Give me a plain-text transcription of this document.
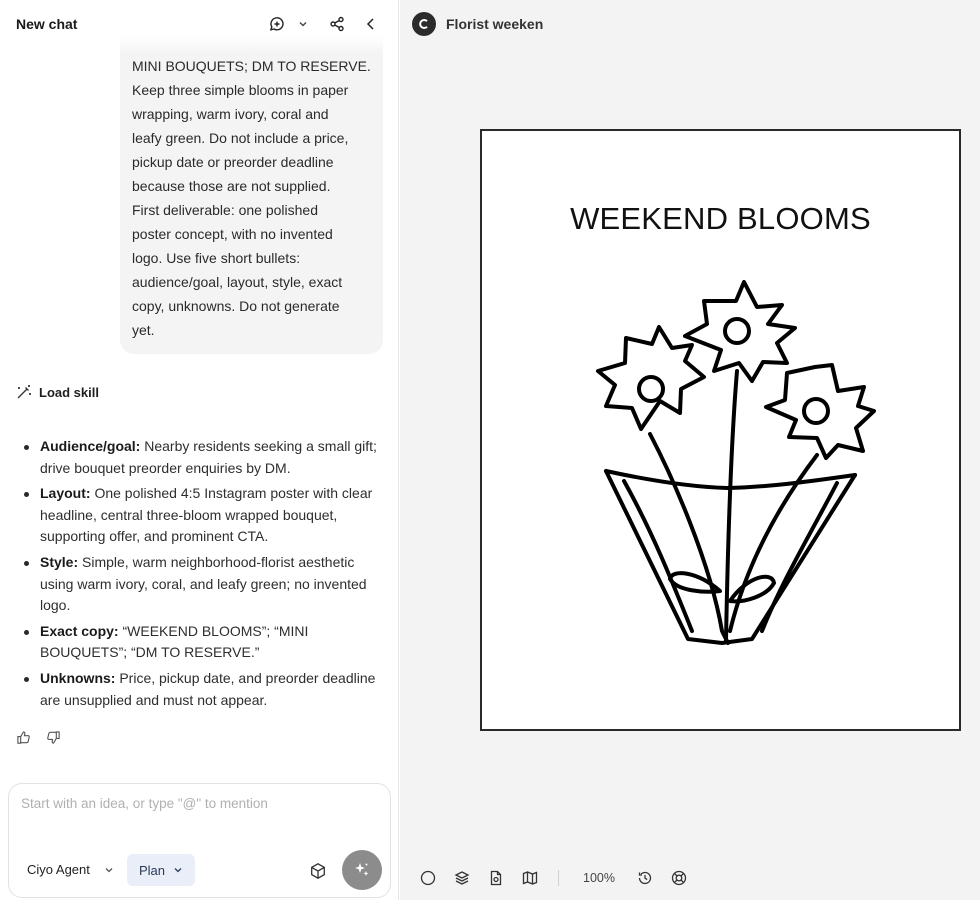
New chat
MINI BOUQUETS; DM TO RESERVE.
Keep three simple blooms in paper
wrapping, warm ivory, coral and
leafy green. Do not include a price,
pickup date or preorder deadline
because those are not supplied.
First deliverable: one polished
poster concept, with no invented
logo. Use five short bullets:
audience/goal, layout, style, exact
copy, unknowns. Do not generate
yet.
Load skill
Audience/goal: Nearby residents seeking a small gift; drive bouquet preorder enquiries by DM.
Layout: One polished 4:5 Instagram poster with clear headline, central three-bloom wrapped bouquet, supporting offer, and prominent CTA.
Style: Simple, warm neighborhood-florist aesthetic using warm ivory, coral, and leafy green; no invented logo.
Exact copy: “WEEKEND BLOOMS”; “MINI BOUQUETS”; “DM TO RESERVE.”
Unknowns: Price, pickup date, and preorder deadline are unsupplied and must not appear.
Start with an idea, or type "@" to mention
Ciyo Agent	Plan
Florist weeken
WEEKEND BLOOMS
100%
